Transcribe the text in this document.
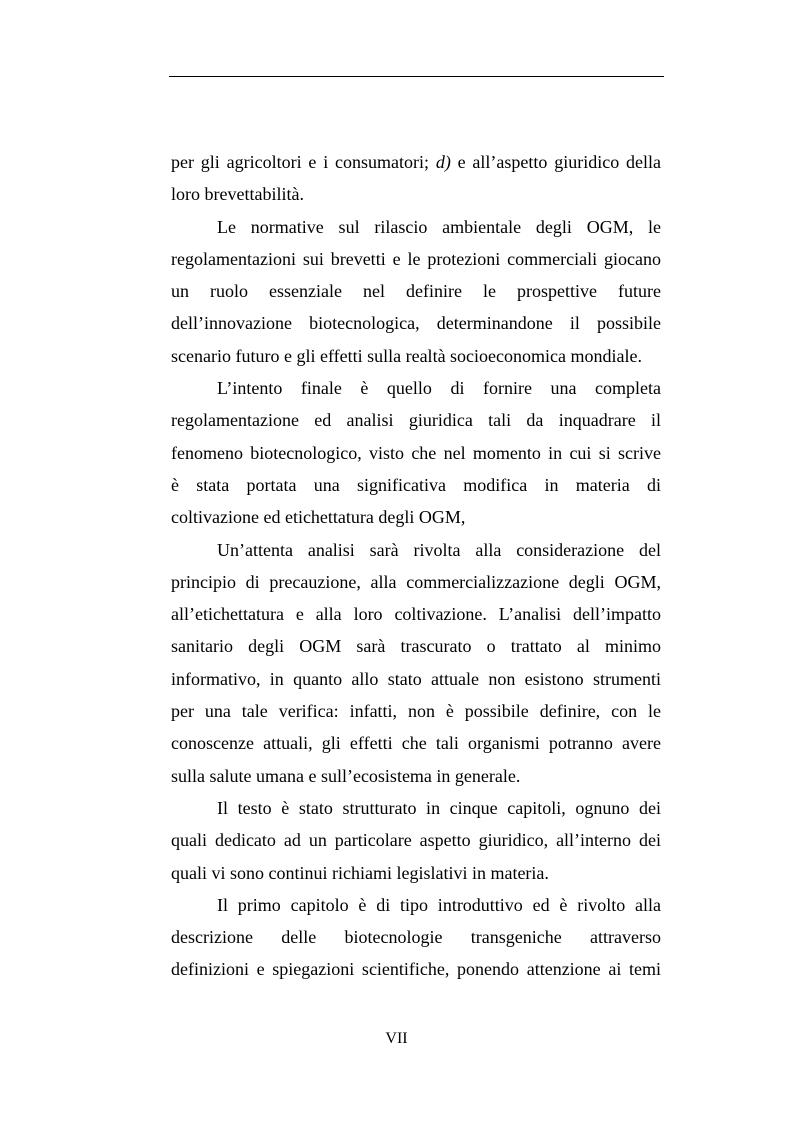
per gli agricoltori e i consumatori; d) e all’aspetto giuridico della
loro brevettabilità.
Le normative sul rilascio ambientale degli OGM, le
regolamentazioni sui brevetti e le protezioni commerciali giocano
un ruolo essenziale nel definire le prospettive future
dell’innovazione biotecnologica, determinandone il possibile
scenario futuro e gli effetti sulla realtà socioeconomica mondiale.
L’intento finale è quello di fornire una completa
regolamentazione ed analisi giuridica tali da inquadrare il
fenomeno biotecnologico, visto che nel momento in cui si scrive
è stata portata una significativa modifica in materia di
coltivazione ed etichettatura degli OGM,
Un’attenta analisi sarà rivolta alla considerazione del
principio di precauzione, alla commercializzazione degli OGM,
all’etichettatura e alla loro coltivazione. L’analisi dell’impatto
sanitario degli OGM sarà trascurato o trattato al minimo
informativo, in quanto allo stato attuale non esistono strumenti
per una tale verifica: infatti, non è possibile definire, con le
conoscenze attuali, gli effetti che tali organismi potranno avere
sulla salute umana e sull’ecosistema in generale.
Il testo è stato strutturato in cinque capitoli, ognuno dei
quali dedicato ad un particolare aspetto giuridico, all’interno dei
quali vi sono continui richiami legislativi in materia.
Il primo capitolo è di tipo introduttivo ed è rivolto alla
descrizione delle biotecnologie transgeniche attraverso
definizioni e spiegazioni scientifiche, ponendo attenzione ai temi
VII
